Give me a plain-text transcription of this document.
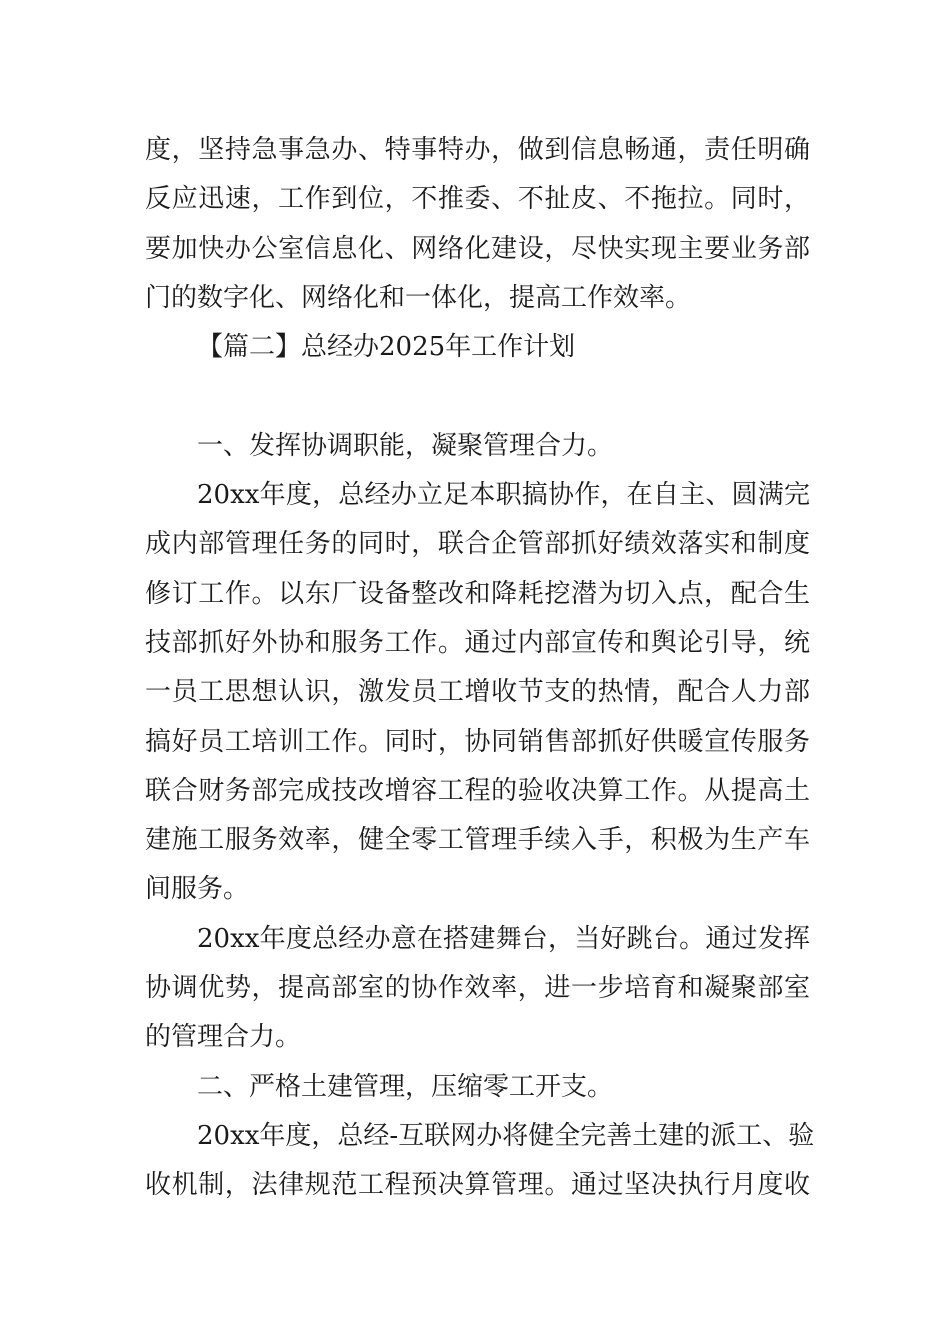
度，坚持急事急办、特事特办，做到信息畅通，责任明确
反应迅速，工作到位，不推委、不扯皮、不拖拉。同时，
要加快办公室信息化、网络化建设，尽快实现主要业务部
门的数字化、网络化和一体化，提高工作效率。
【篇二】总经办2025年工作计划
一、发挥协调职能，凝聚管理合力。
20xx年度，总经办立足本职搞协作，在自主、圆满完
成内部管理任务的同时，联合企管部抓好绩效落实和制度
修订工作。以东厂设备整改和降耗挖潜为切入点，配合生
技部抓好外协和服务工作。通过内部宣传和舆论引导，统
一员工思想认识，激发员工增收节支的热情，配合人力部
搞好员工培训工作。同时，协同销售部抓好供暖宣传服务
联合财务部完成技改增容工程的验收决算工作。从提高土
建施工服务效率，健全零工管理手续入手，积极为生产车
间服务。
20xx年度总经办意在搭建舞台，当好跳台。通过发挥
协调优势，提高部室的协作效率，进一步培育和凝聚部室
的管理合力。
二、严格土建管理，压缩零工开支。
20xx年度，总经-互联网办将健全完善土建的派工、验
收机制，法律规范工程预决算管理。通过坚决执行月度收
